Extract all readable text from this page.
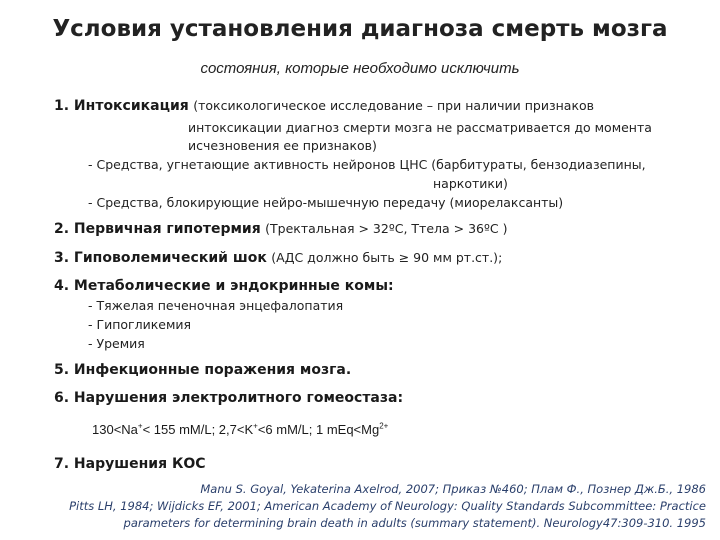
Условия установления диагноза смерть мозга
состояния, которые необходимо исключить
1. Интоксикация (токсикологическое исследование – при наличии признаков
интоксикации диагноз смерти мозга не рассматривается до момента
исчезновения ее признаков)
- Средства, угнетающие активность нейронов ЦНС (барбитураты, бензодиазепины,
наркотики)
- Средства, блокирующие нейро-мышечную передачу (миорелаксанты)
2. Первичная гипотермия (Tректальная > 32ºC, Tтела > 36ºC )
3. Гиповолемический шок (АДС должно быть ≥ 90 мм рт.ст.);
4. Метаболические и эндокринные комы:
- Тяжелая печеночная энцефалопатия
- Гипогликемия
- Уремия
5. Инфекционные поражения мозга.
6. Нарушения электролитного гомеостаза:
130<Na+< 155 mM/L; 2,7<K+<6 mM/L; 1 $mEq<Mg^{2+}$
7. Нарушения КОС
Manu S. Goyal, Yekaterina Axelrod, 2007; Приказ №460; Плам Ф., Познер Дж.Б., 1986
Pitts LH, 1984; Wijdicks EF, 2001; American Academy of Neurology: Quality Standards Subcommittee: Practice
parameters for determining brain death in adults (summary statement). Neurology47:309-310. 1995
